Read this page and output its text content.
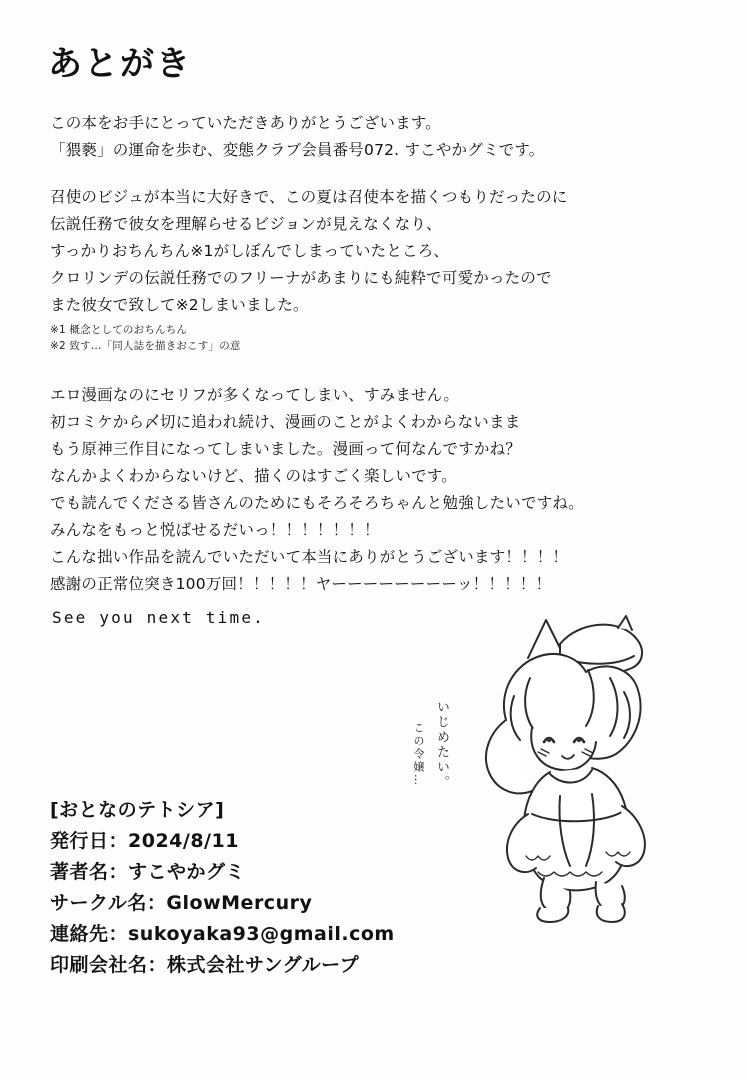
あとがき
この本をお手にとっていただきありがとうございます。
「猥褻」の運命を歩む、変態クラブ会員番号072. すこやかグミです。
召使のビジュが本当に大好きで、この夏は召使本を描くつもりだったのに
伝説任務で彼女を理解らせるビジョンが見えなくなり、
すっかりおちんちん※1がしぼんでしまっていたところ、
クロリンデの伝説任務でのフリーナがあまりにも純粋で可愛かったので
また彼女で致して※2しまいました。
※1 概念としてのおちんちん
※2 致す…「同人誌を描きおこす」の意
エロ漫画なのにセリフが多くなってしまい、すみません。
初コミケから〆切に追われ続け、漫画のことがよくわからないまま
もう原神三作目になってしまいました。漫画って何なんですかね？
なんかよくわからないけど、描くのはすごく楽しいです。
でも読んでくださる皆さんのためにもそろそろちゃんと勉強したいですね。
みんなをもっと悦ばせるだいっ！！！！！！！
こんな拙い作品を読んでいただいて本当にありがとうございます！！！！
感謝の正常位突き100万回！！！！！ヤーーーーーーーーッ！！！！！
See you next time.
いじめたい。
この令嬢…
[おとなのテトシア]
発行日：2024/8/11
著者名：すこやかグミ
サークル名：GlowMercury
連絡先：sukoyaka93@gmail.com
印刷会社名：株式会社サングループ
